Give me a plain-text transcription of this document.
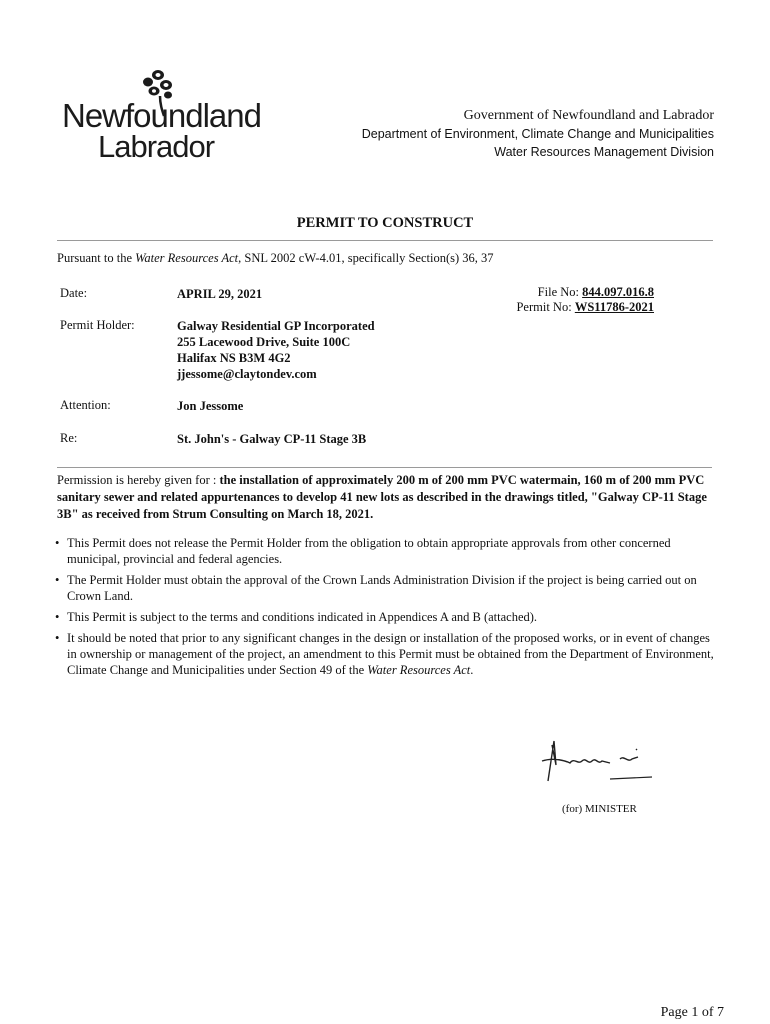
Newfoundland
Labrador
Government of Newfoundland and Labrador
Department of Environment, Climate Change and Municipalities
Water Resources Management Division
PERMIT TO CONSTRUCT
Pursuant to the Water Resources Act, SNL 2002 cW-4.01, specifically Section(s) 36, 37
Date:	APRIL 29, 2021	File No: 844.097.016.8
Permit No: WS11786-2021
Permit Holder:	Galway Residential GP Incorporated
255 Lacewood Drive, Suite 100C
Halifax NS B3M 4G2
jjessome@claytondev.com
Attention:	Jon Jessome
Re:	St. John's - Galway CP-11 Stage 3B
Permission is hereby given for : the installation of approximately 200 m of 200 mm PVC watermain, 160 m of 200 mm PVC sanitary sewer and related appurtenances to develop 41 new lots as described in the drawings titled, "Galway CP-11 Stage 3B" as received from Strum Consulting on March 18, 2021.
• This Permit does not release the Permit Holder from the obligation to obtain appropriate approvals from other concerned municipal, provincial and federal agencies.
• The Permit Holder must obtain the approval of the Crown Lands Administration Division if the project is being carried out on Crown Land.
• This Permit is subject to the terms and conditions indicated in Appendices A and B (attached).
• It should be noted that prior to any significant changes in the design or installation of the proposed works, or in event of changes in ownership or management of the project, an amendment to this Permit must be obtained from the Department of Environment, Climate Change and Municipalities under Section 49 of the Water Resources Act.
(for) MINISTER
Page 1 of 7
